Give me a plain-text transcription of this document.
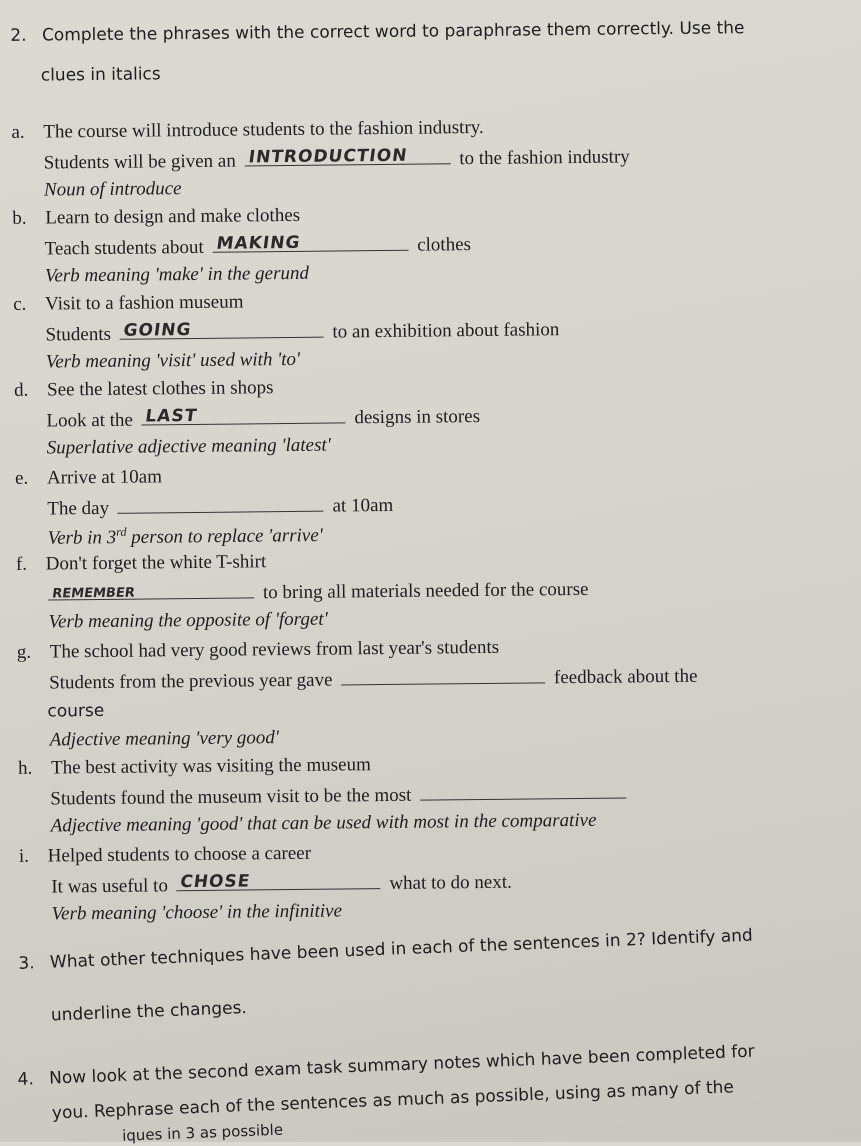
2. Complete the phrases with the correct word to paraphrase them correctly. Use the
clues in italics
a. The course will introduce students to the fashion industry.
Students will be given an INTRODUCTION	to the fashion industry
Noun of introduce
b. Learn to design and make clothes
Teach students about MAKING	clothes
Verb meaning 'make' in the gerund
c. Visit to a fashion museum
Students GOING	to an exhibition about fashion
Verb meaning 'visit' used with 'to'
d. See the latest clothes in shops
Look at the LAST	designs in stores
Superlative adjective meaning 'latest'
e. Arrive at 10am
The day	at 10am
Verb in 3rd person to replace 'arrive'
f. Don't forget the white T-shirt
REMEMBER	to bring all materials needed for the course
Verb meaning the opposite of 'forget'
g. The school had very good reviews from last year's students
Students from the previous year gave	feedback about the
course
Adjective meaning 'very good'
h. The best activity was visiting the museum
Students found the museum visit to be the most
Adjective meaning 'good' that can be used with most in the comparative
i. Helped students to choose a career
It was useful to CHOSE	what to do next.
Verb meaning 'choose' in the infinitive
3. What other techniques have been used in each of the sentences in 2? Identify and
underline the changes.
4. Now look at the second exam task summary notes which have been completed for
you. Rephrase each of the sentences as much as possible, using as many of the
iques in 3 as possible
